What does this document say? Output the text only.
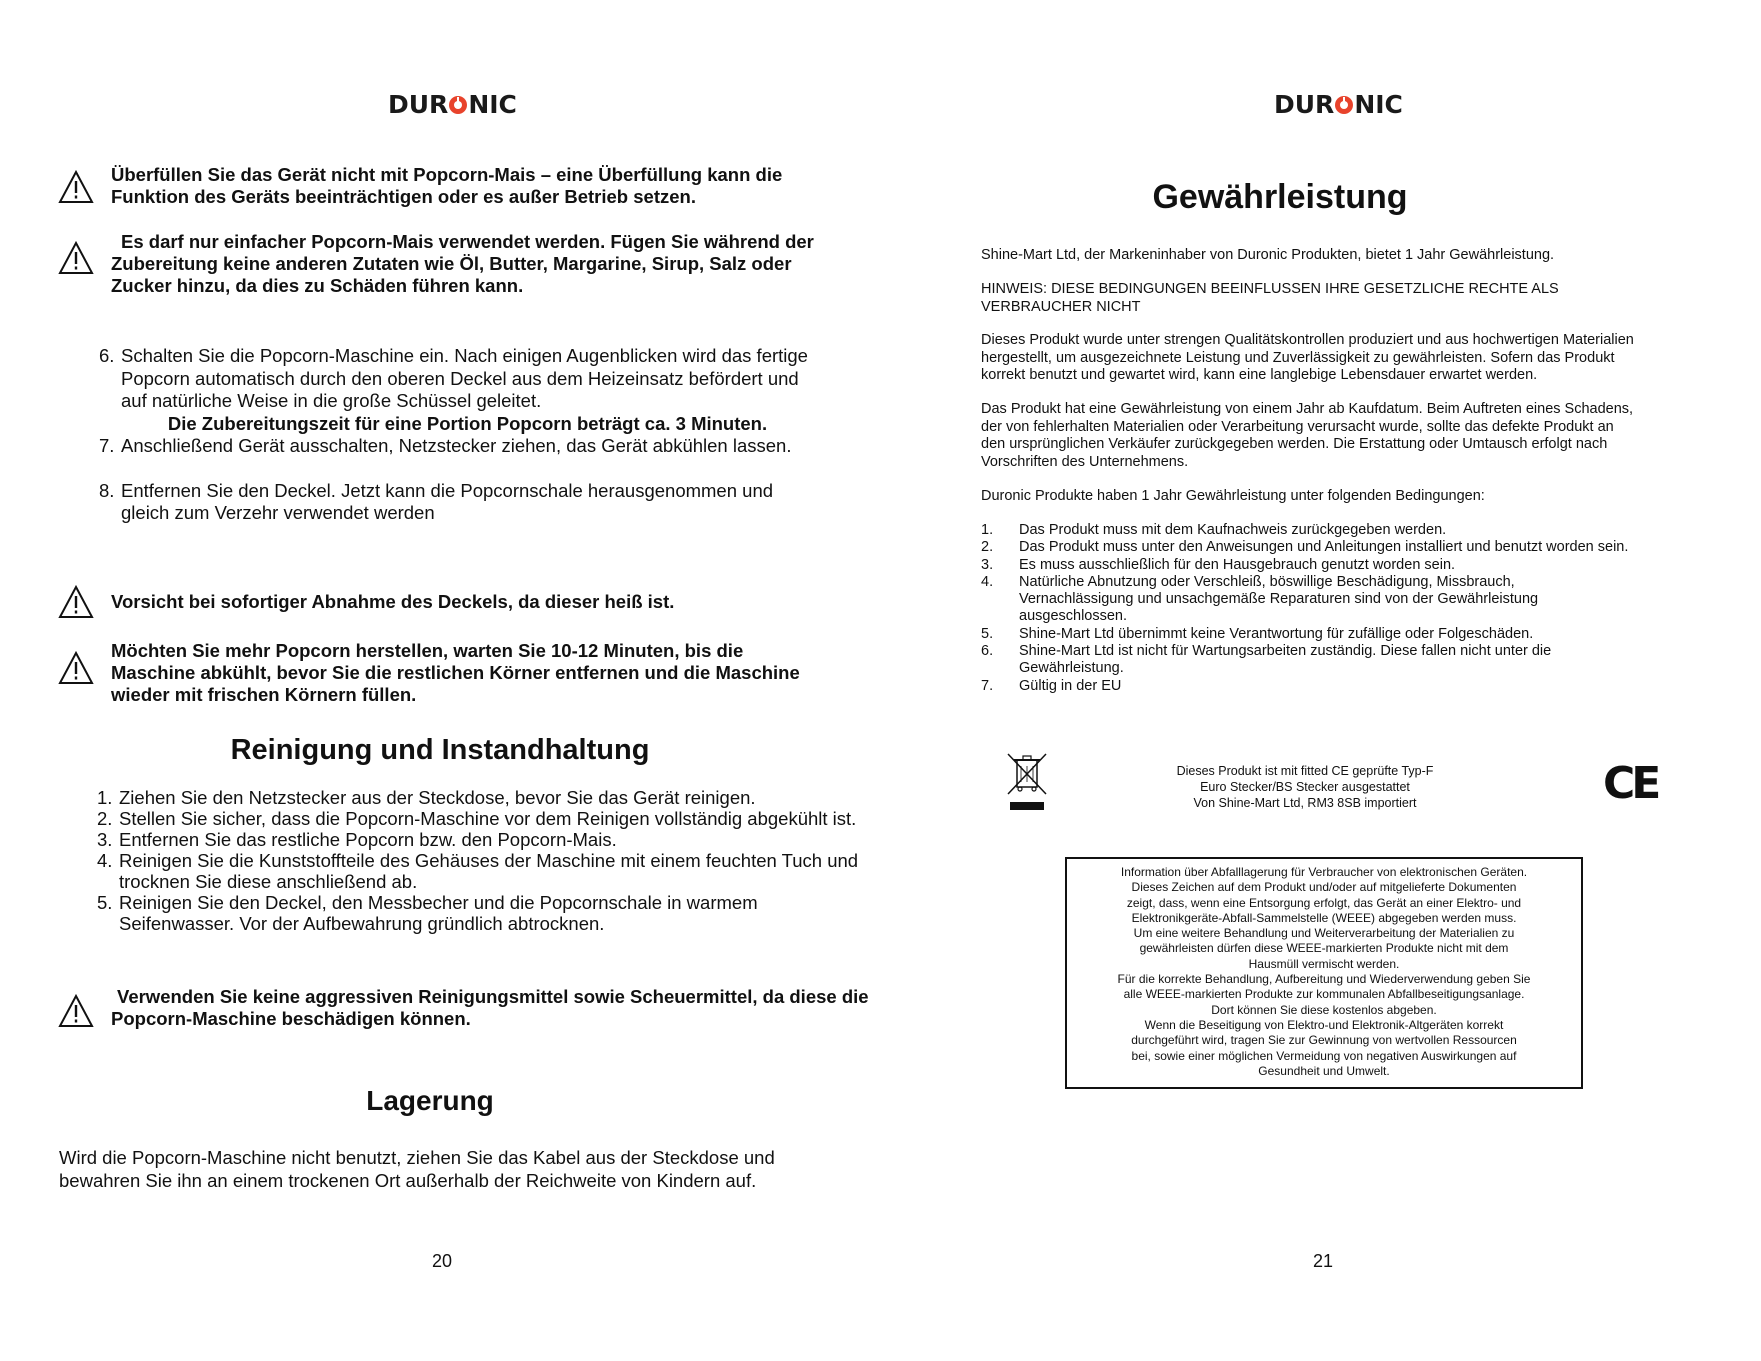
DUR NIC
Überfüllen Sie das Gerät nicht mit Popcorn-Mais – eine Überfüllung kann die Funktion des Geräts beeinträchtigen oder es außer Betrieb setzen.
Es darf nur einfacher Popcorn-Mais verwendet werden. Fügen Sie während der Zubereitung keine anderen Zutaten wie Öl, Butter, Margarine, Sirup, Salz oder Zucker hinzu, da dies zu Schäden führen kann.
6. Schalten Sie die Popcorn-Maschine ein. Nach einigen Augenblicken wird das fertige Popcorn automatisch durch den oberen Deckel aus dem Heizeinsatz befördert und auf natürliche Weise in die große Schüssel geleitet.
Die Zubereitungszeit für eine Portion Popcorn beträgt ca. 3 Minuten.
7. Anschließend Gerät ausschalten, Netzstecker ziehen, das Gerät abkühlen lassen.
8. Entfernen Sie den Deckel. Jetzt kann die Popcornschale herausgenommen und gleich zum Verzehr verwendet werden
Vorsicht bei sofortiger Abnahme des Deckels, da dieser heiß ist.
Möchten Sie mehr Popcorn herstellen, warten Sie 10-12 Minuten, bis die Maschine abkühlt, bevor Sie die restlichen Körner entfernen und die Maschine wieder mit frischen Körnern füllen.
Reinigung und Instandhaltung
1. Ziehen Sie den Netzstecker aus der Steckdose, bevor Sie das Gerät reinigen.
2. Stellen Sie sicher, dass die Popcorn-Maschine vor dem Reinigen vollständig abgekühlt ist.
3. Entfernen Sie das restliche Popcorn bzw. den Popcorn-Mais.
4. Reinigen Sie die Kunststoffteile des Gehäuses der Maschine mit einem feuchten Tuch und trocknen Sie diese anschließend ab.
5. Reinigen Sie den Deckel, den Messbecher und die Popcornschale in warmem Seifenwasser. Vor der Aufbewahrung gründlich abtrocknen.
Verwenden Sie keine aggressiven Reinigungsmittel sowie Scheuermittel, da diese die Popcorn-Maschine beschädigen können.
Lagerung
Wird die Popcorn-Maschine nicht benutzt, ziehen Sie das Kabel aus der Steckdose und bewahren Sie ihn an einem trockenen Ort außerhalb der Reichweite von Kindern auf.
20
DUR NIC
Gewährleistung
Shine-Mart Ltd, der Markeninhaber von Duronic Produkten, bietet 1 Jahr Gewährleistung.
HINWEIS: DIESE BEDINGUNGEN BEEINFLUSSEN IHRE GESETZLICHE RECHTE ALS VERBRAUCHER NICHT
Dieses Produkt wurde unter strengen Qualitätskontrollen produziert und aus hochwertigen Materialien hergestellt, um ausgezeichnete Leistung und Zuverlässigkeit zu gewährleisten. Sofern das Produkt korrekt benutzt und gewartet wird, kann eine langlebige Lebensdauer erwartet werden.
Das Produkt hat eine Gewährleistung von einem Jahr ab Kaufdatum. Beim Auftreten eines Schadens, der von fehlerhalten Materialien oder Verarbeitung verursacht wurde, sollte das defekte Produkt an den ursprünglichen Verkäufer zurückgegeben werden. Die Erstattung oder Umtausch erfolgt nach Vorschriften des Unternehmens.
Duronic Produkte haben 1 Jahr Gewährleistung unter folgenden Bedingungen:
1.	Das Produkt muss mit dem Kaufnachweis zurückgegeben werden.
2.	Das Produkt muss unter den Anweisungen und Anleitungen installiert und benutzt worden sein.
3.	Es muss ausschließlich für den Hausgebrauch genutzt worden sein.
4.	Natürliche Abnutzung oder Verschleiß, böswillige Beschädigung, Missbrauch, Vernachlässigung und unsachgemäße Reparaturen sind von der Gewährleistung ausgeschlossen.
5.	Shine-Mart Ltd übernimmt keine Verantwortung für zufällige oder Folgeschäden.
6.	Shine-Mart Ltd ist nicht für Wartungsarbeiten zuständig. Diese fallen nicht unter die Gewährleistung.
7.	Gültig in der EU
Dieses Produkt ist mit fitted CE geprüfte Typ-F
Euro Stecker/BS Stecker ausgestattet
Von Shine-Mart Ltd, RM3 8SB importiert	CE

Information über Abfalllagerung für Verbraucher von elektronischen Geräten.

Dieses Zeichen auf dem Produkt und/oder auf mitgelieferte Dokumenten

zeigt, dass, wenn eine Entsorgung erfolgt, das Gerät an einer Elektro- und

Elektronikgeräte-Abfall-Sammelstelle (WEEE) abgegeben werden muss.

Um eine weitere Behandlung und Weiterverarbeitung der Materialien zu

gewährleisten dürfen diese WEEE-markierten Produkte nicht mit dem

Hausmüll vermischt werden.

Für die korrekte Behandlung, Aufbereitung und Wiederverwendung geben Sie

alle WEEE-markierten Produkte zur kommunalen Abfallbeseitigungsanlage.

Dort können Sie diese kostenlos abgeben.

Wenn die Beseitigung von Elektro-und Elektronik-Altgeräten korrekt

durchgeführt wird, tragen Sie zur Gewinnung von wertvollen Ressourcen

bei, sowie einer möglichen Vermeidung von negativen Auswirkungen auf

Gesundheit und Umwelt.

21
